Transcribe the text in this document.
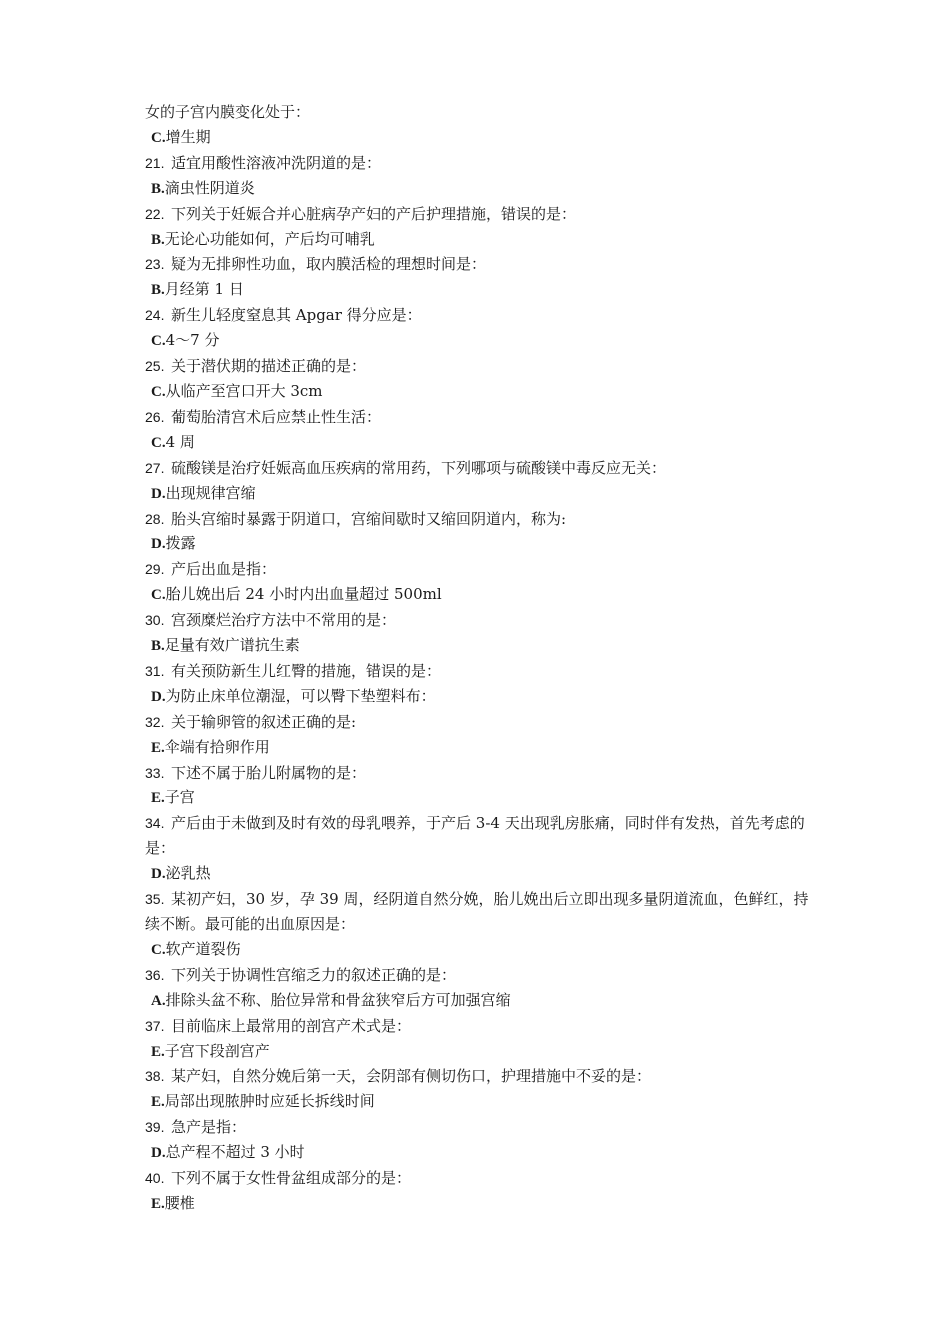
女的子宫内膜变化处于：
C.增生期
21. 适宜用酸性溶液冲洗阴道的是：
B.滴虫性阴道炎
22. 下列关于妊娠合并心脏病孕产妇的产后护理措施，错误的是：
B.无论心功能如何，产后均可哺乳
23. 疑为无排卵性功血，取内膜活检的理想时间是：
B.月经第 1 日
24. 新生儿轻度窒息其 Apgar 得分应是：
C.4～7 分
25. 关于潜伏期的描述正确的是：
C.从临产至宫口开大 3cm
26. 葡萄胎清宫术后应禁止性生活：
C.4 周
27. 硫酸镁是治疗妊娠高血压疾病的常用药，下列哪项与硫酸镁中毒反应无关：
D.出现规律宫缩
28. 胎头宫缩时暴露于阴道口，宫缩间歇时又缩回阴道内，称为:
D.拨露
29. 产后出血是指：
C.胎儿娩出后 24 小时内出血量超过 500ml
30. 宫颈糜烂治疗方法中不常用的是：
B.足量有效广谱抗生素
31. 有关预防新生儿红臀的措施，错误的是：
D.为防止床单位潮湿，可以臀下垫塑料布：
32. 关于输卵管的叙述正确的是:
E.伞端有拾卵作用
33. 下述不属于胎儿附属物的是：
E.子宫
34. 产后由于未做到及时有效的母乳喂养，于产后 3-4 天出现乳房胀痛，同时伴有发热，首先考虑的是：
D.泌乳热
35. 某初产妇，30 岁，孕 39 周，经阴道自然分娩，胎儿娩出后立即出现多量阴道流血，色鲜红，持续不断。最可能的出血原因是：
C.软产道裂伤
36. 下列关于协调性宫缩乏力的叙述正确的是：
A.排除头盆不称、胎位异常和骨盆狭窄后方可加强宫缩
37. 目前临床上最常用的剖宫产术式是：
E.子宫下段剖宫产
38. 某产妇，自然分娩后第一天，会阴部有侧切伤口，护理措施中不妥的是：
E.局部出现脓肿时应延长拆线时间
39. 急产是指：
D.总产程不超过 3 小时
40. 下列不属于女性骨盆组成部分的是：
E.腰椎
